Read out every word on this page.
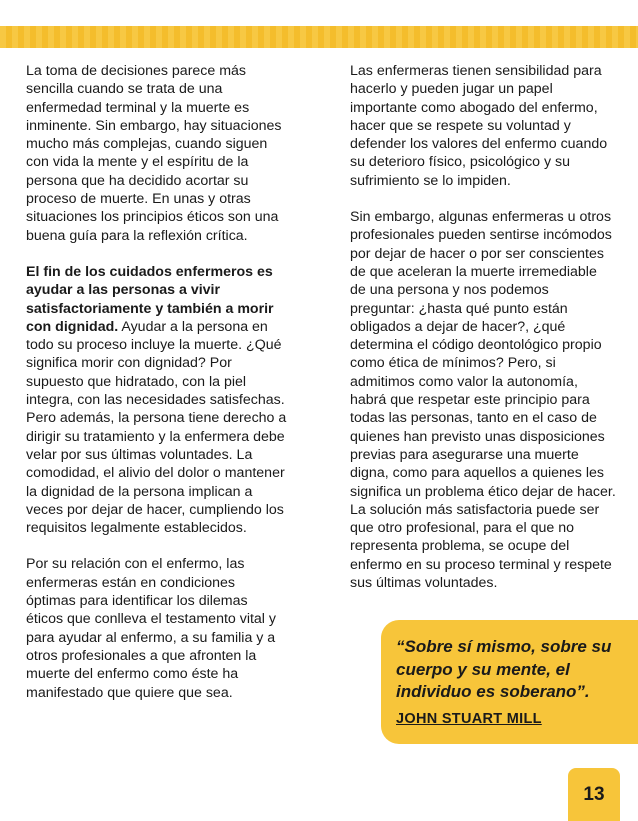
La toma de decisiones parece más sencilla cuando se trata de una enfermedad terminal y la muerte es inminente. Sin embargo, hay situaciones mucho más complejas, cuando siguen con vida la mente y el espíritu de la persona que ha decidido acortar su proceso de muerte. En unas y otras situaciones los principios éticos son una buena guía para la reflexión crítica.

El fin de los cuidados enfermeros es ayudar a las personas a vivir satisfactoriamente y también a morir con dignidad. Ayudar a la persona en todo su proceso incluye la muerte. ¿Qué significa morir con dignidad? Por supuesto que hidratado, con la piel integra, con las necesidades satisfechas. Pero además, la persona tiene derecho a dirigir su tratamiento y la enfermera debe velar por sus últimas voluntades. La comodidad, el alivio del dolor o mantener la dignidad de la persona implican a veces por dejar de hacer, cumpliendo los requisitos legalmente establecidos.

Por su relación con el enfermo, las enfermeras están en condiciones óptimas para identificar los dilemas éticos que conlleva el testamento vital y para ayudar al enfermo, a su familia y a otros profesionales a que afronten la muerte del enfermo como éste ha manifestado que quiere que sea.

Las enfermeras tienen sensibilidad para hacerlo y pueden jugar un papel importante como abogado del enfermo, hacer que se respete su voluntad y defender los valores del enfermo cuando su deterioro físico, psicológico y su sufrimiento se lo impiden.

Sin embargo, algunas enfermeras u otros profesionales pueden sentirse incómodos por dejar de hacer o por ser conscientes de que aceleran la muerte irremediable de una persona y nos podemos preguntar: ¿hasta qué punto están obligados a dejar de hacer?, ¿qué determina el código deontológico propio como ética de mínimos? Pero, si admitimos como valor la autonomía, habrá que respetar este principio para todas las personas, tanto en el caso de quienes han previsto unas disposiciones previas para asegurarse una muerte digna, como para aquellos a quienes les significa un problema ético dejar de hacer. La solución más satisfactoria puede ser que otro profesional, para el que no representa problema, se ocupe del enfermo en su proceso terminal y respete sus últimas voluntades.

“Sobre sí mismo, sobre su cuerpo y su mente, el individuo es soberano”.
JOHN STUART MILL
13
